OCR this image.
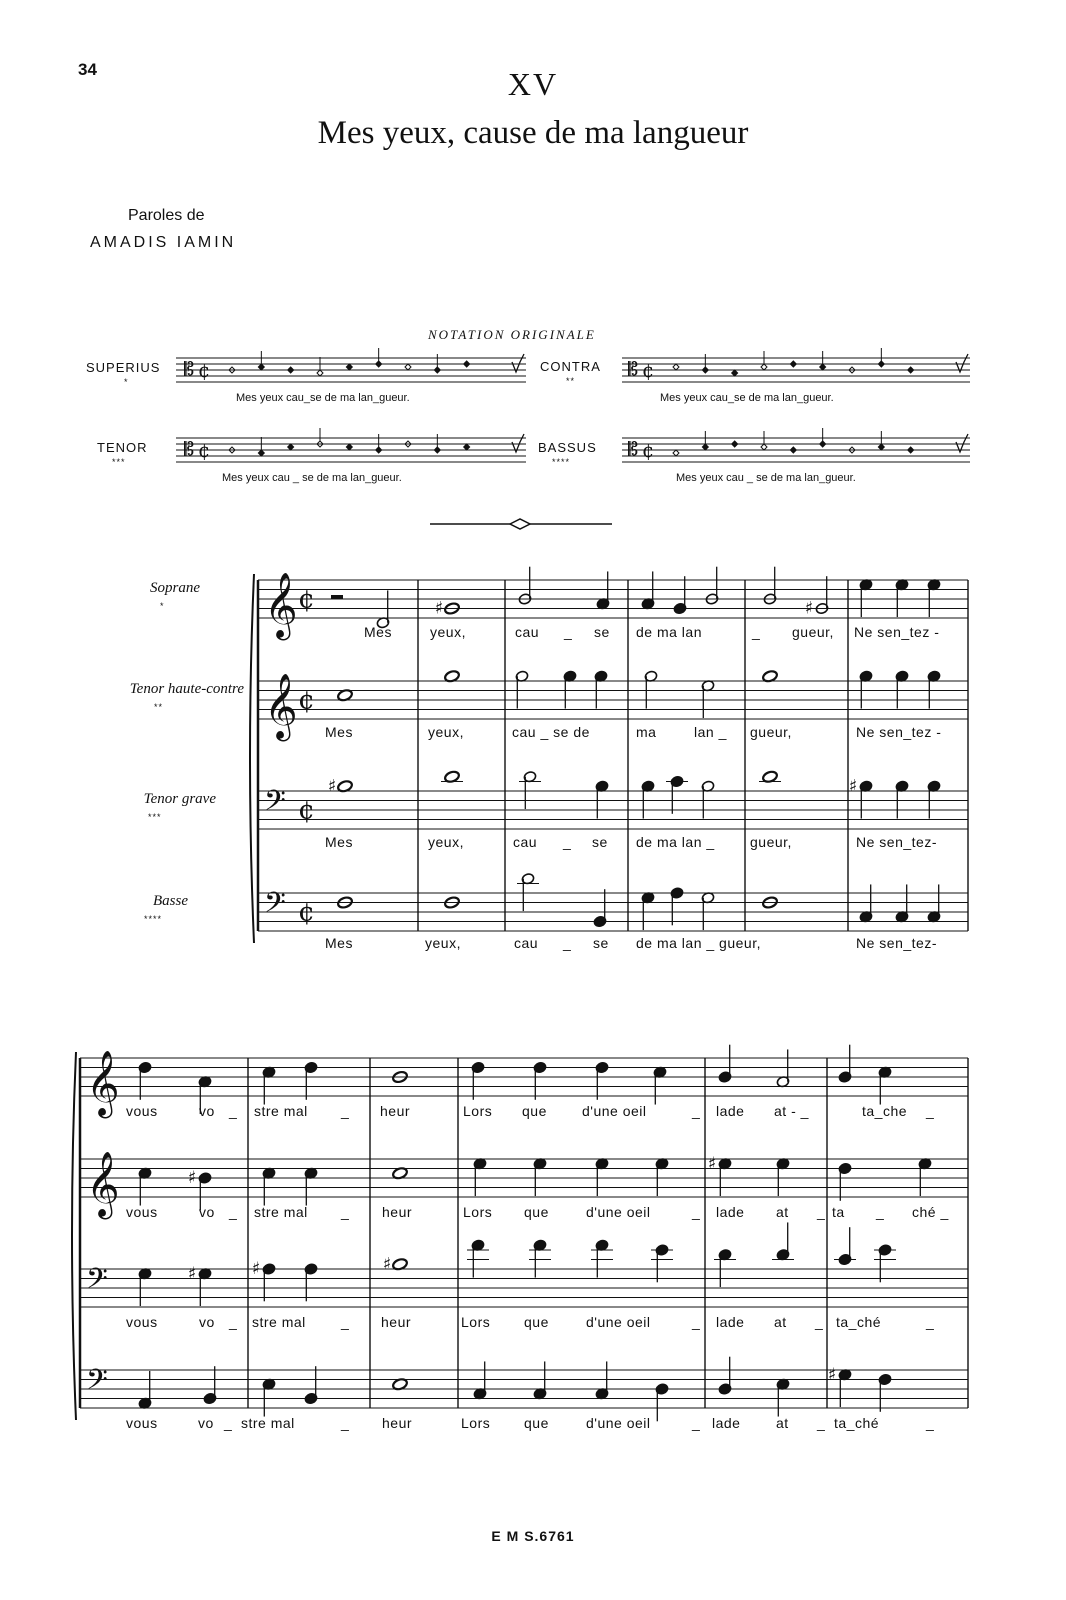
34	XV
Mes yeux, cause de ma langueur
Paroles de
AMADIS IAMIN
NOTATION ORIGINALE
SUPERIUS
*
Mes yeux cau_se de ma lan_gueur.
CONTRA
**
Mes yeux cau_se de ma lan_gueur.
TENOR
***
Mes yeux cau _ se de ma lan_gueur.
BASSUS
****
Mes yeux cau _ se de ma lan_gueur.
Soprane
*
Tenor haute-contre
**
Tenor grave
***
Basse
****
Mes	yeux,	cau _ se de ma lan	_ gueur, Ne sen_tez -
Mes	yeux,	cau _ se de	ma	lan _ gueur,	Ne sen_tez -
Mes	yeux,	cau _ se de ma lan _	gueur,	Ne sen_tez-
Mes	yeux,	cau _ se de ma lan _ gueur,	Ne sen_tez-
vous	vo _ stre mal _ heur	Lors que	d'une oeil	_ lade at - _	ta_che _
vous	vo _ stre mal _ heur	Lors que	d'une oeil	_ lade at _ ta _ ché _
vous	vo _ stre mal	_ heur	Lors que	d'une oeil	_ lade at _ ta_ché	_
vous	vo _ stre mal	_ heur	Lors que	d'une oeil	_ lade	at _ ta_ché	_
E M S.6761
𝄡 ¢	𝄡 ¢
𝄡 ¢	𝄡 ¢
𝄞 ¢
𝄞 ¢
𝄢 ¢
𝄢 ¢
𝄞
𝄞
𝄢
𝄢
♯	♯
♯	♯
♯
♯
♯	♯	♯
♯
